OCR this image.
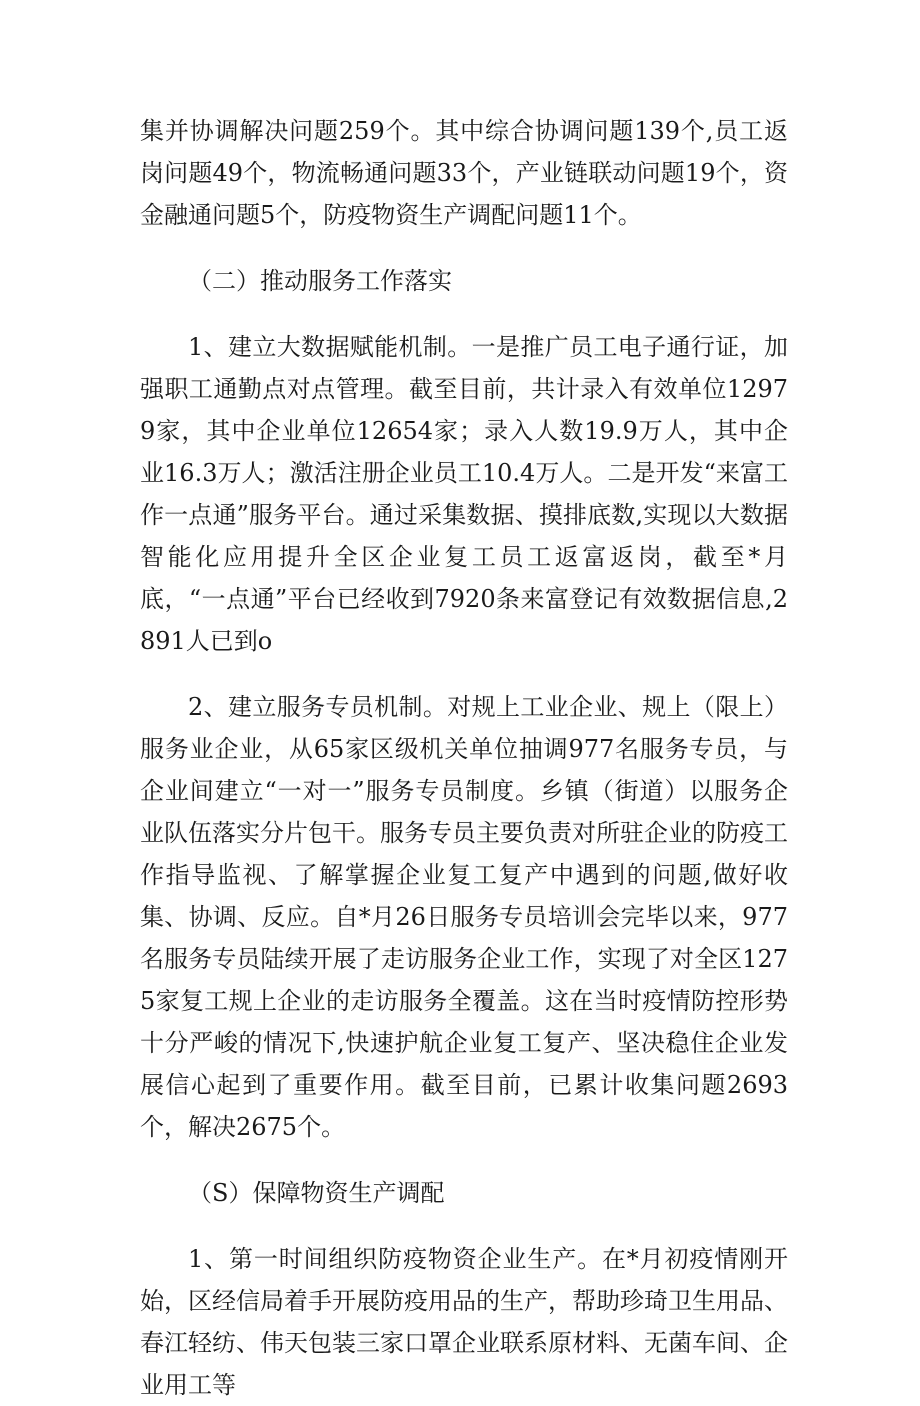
集并协调解决问题259个。其中综合协调问题139个,员工返岗问题49个，物流畅通问题33个，产业链联动问题19个，资金融通问题5个，防疫物资生产调配问题11个。

（二）推动服务工作落实

1、建立大数据赋能机制。一是推广员工电子通行证，加强职工通勤点对点管理。截至目前，共计录入有效单位12979家，其中企业单位12654家；录入人数19.9万人，其中企业16.3万人；激活注册企业员工10.4万人。二是开发“来富工作一点通”服务平台。通过采集数据、摸排底数,实现以大数据智能化应用提升全区企业复工员工返富返岗，截至*月底，“一点通”平台已经收到7920条来富登记有效数据信息,2891人已到o

2、建立服务专员机制。对规上工业企业、规上（限上）服务业企业，从65家区级机关单位抽调977名服务专员，与企业间建立“一对一”服务专员制度。乡镇（街道）以服务企业队伍落实分片包干。服务专员主要负责对所驻企业的防疫工作指导监视、了解掌握企业复工复产中遇到的问题,做好收集、协调、反应。自*月26日服务专员培训会完毕以来，977名服务专员陆续开展了走访服务企业工作，实现了对全区1275家复工规上企业的走访服务全覆盖。这在当时疫情防控形势十分严峻的情况下,快速护航企业复工复产、坚决稳住企业发展信心起到了重要作用。截至目前，已累计收集问题2693个，解决2675个。

（S）保障物资生产调配

1、第一时间组织防疫物资企业生产。在*月初疫情刚开始，区经信局着手开展防疫用品的生产，帮助珍琦卫生用品、春江轻纺、伟天包装三家口罩企业联系原材料、无菌车间、企业用工等
